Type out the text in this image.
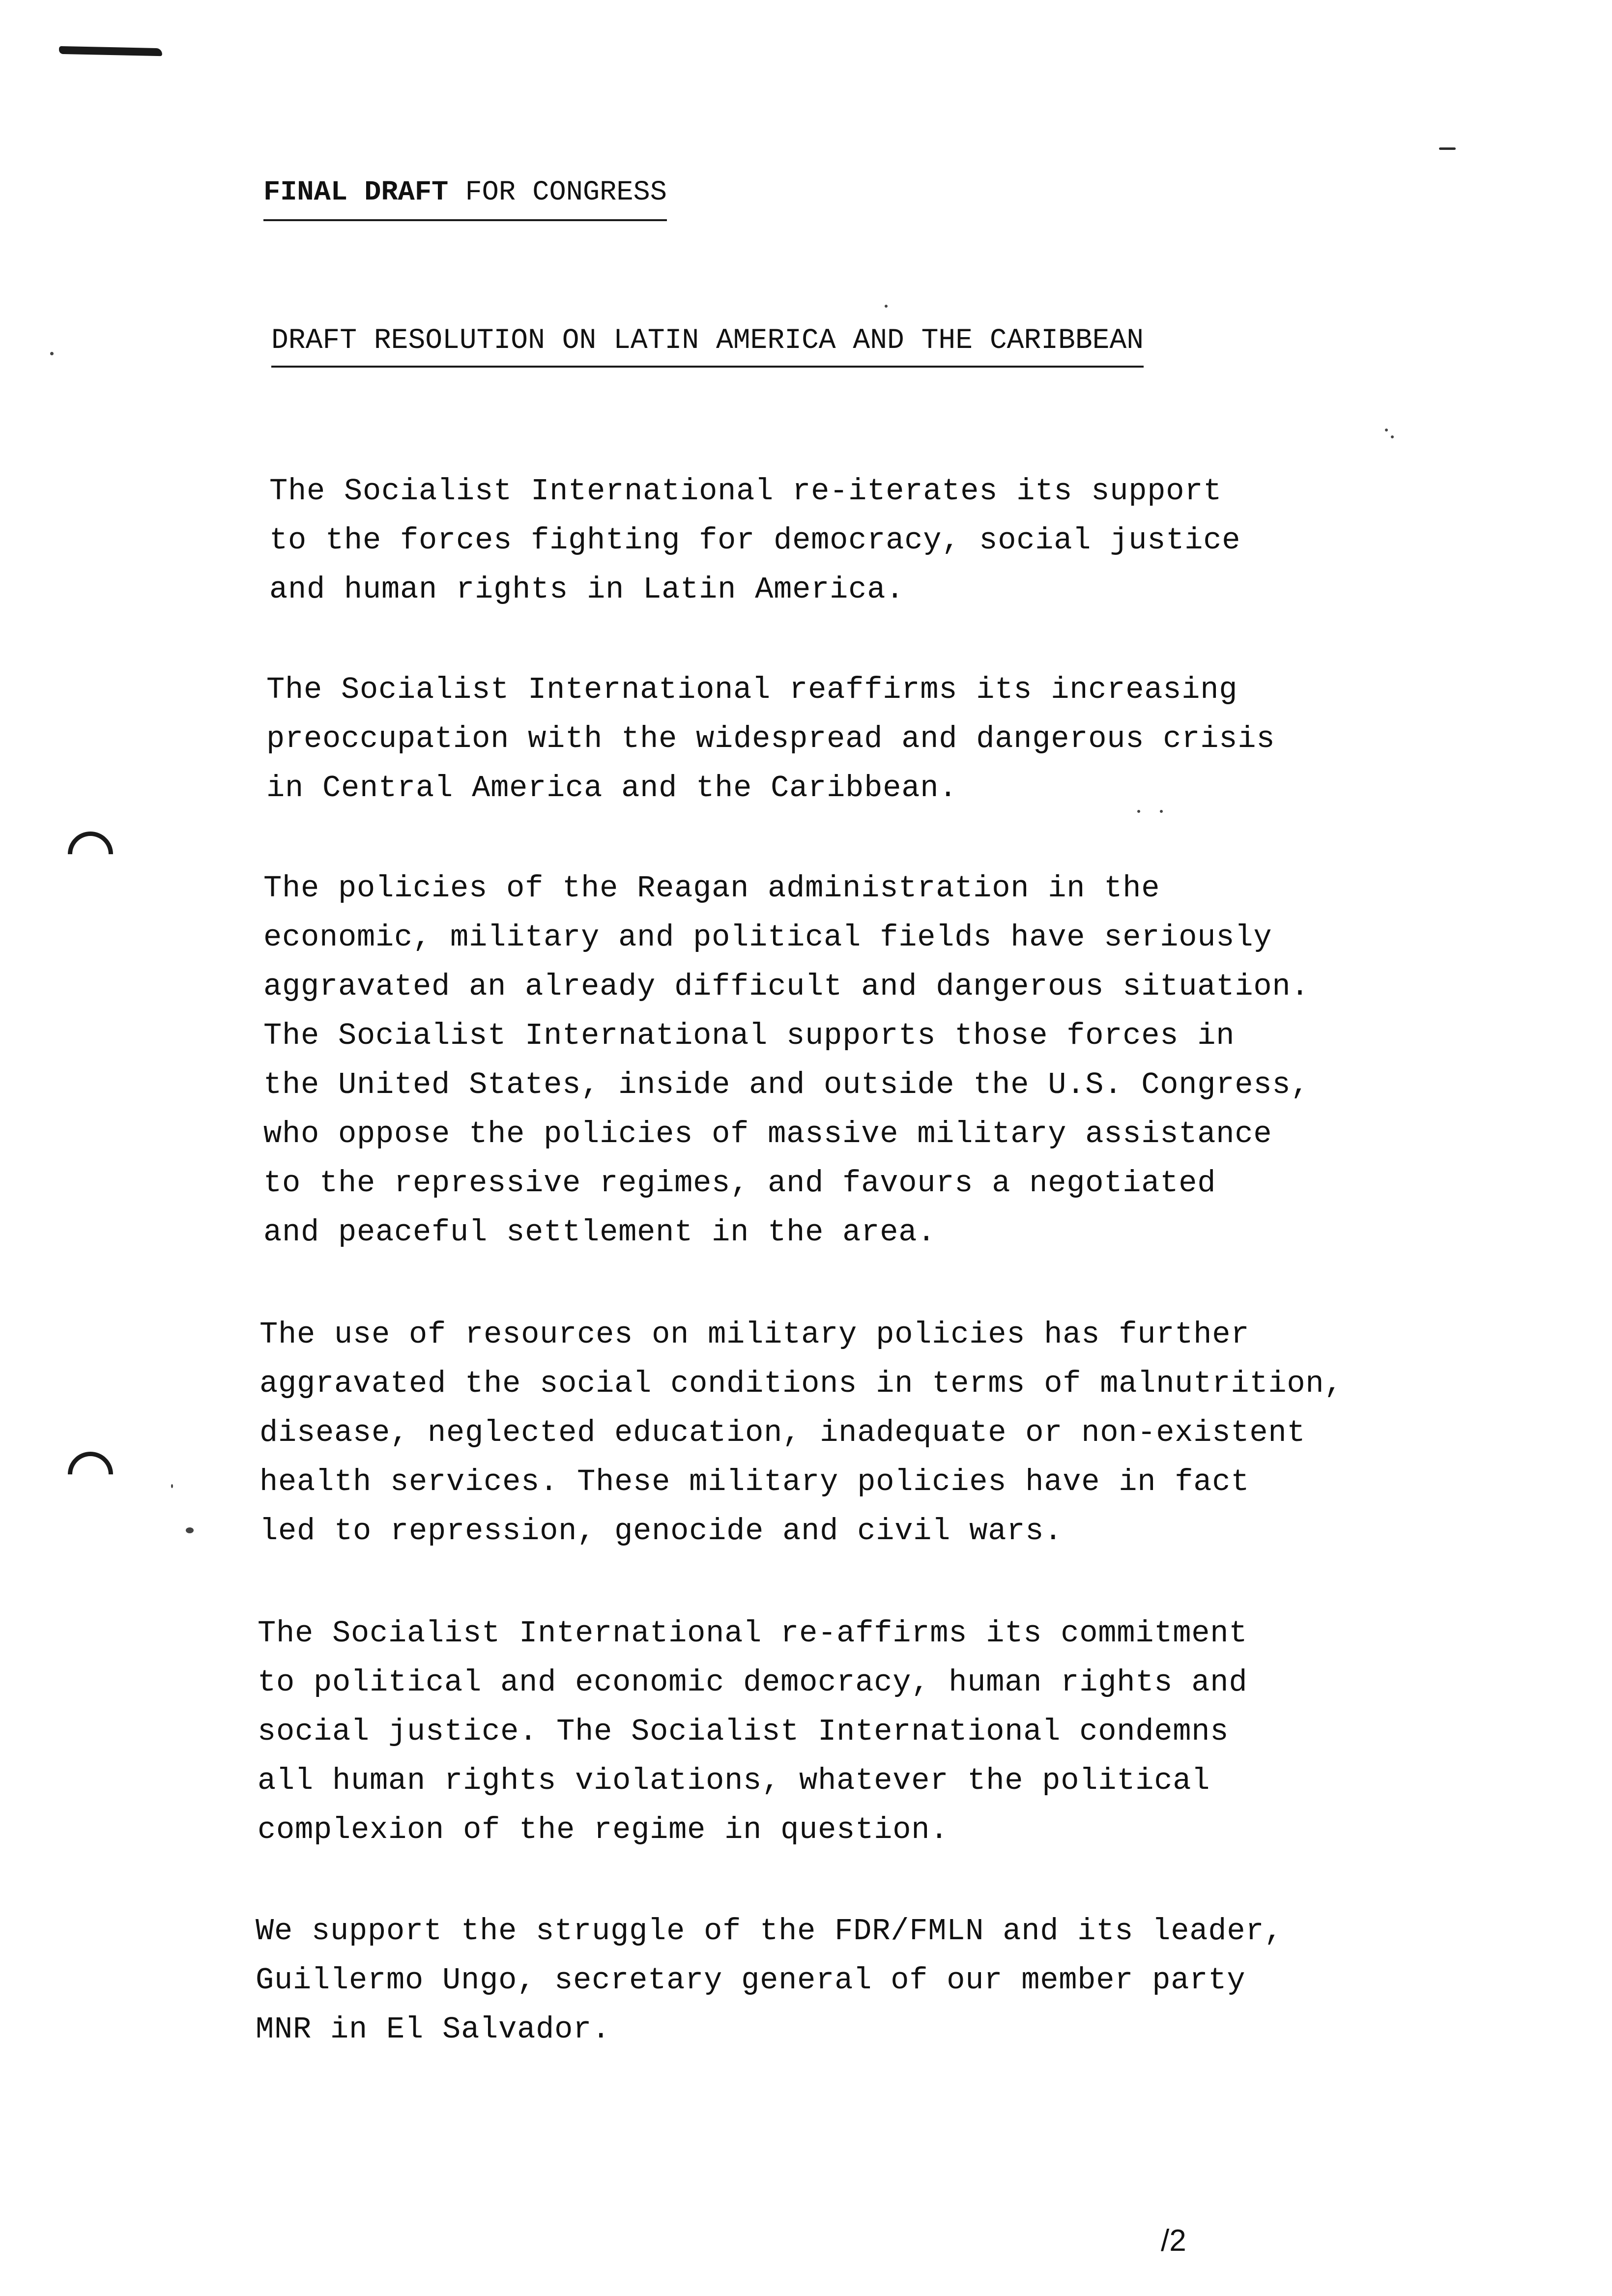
FINAL DRAFT FOR CONGRESS
DRAFT RESOLUTION ON LATIN AMERICA AND THE CARIBBEAN
The Socialist International re-iterates its support
to the forces fighting for democracy, social justice
and human rights in Latin America.
The Socialist International reaffirms its increasing
preoccupation with the widespread and dangerous crisis
in Central America and the Caribbean.
The policies of the Reagan administration in the
economic, military and political fields have seriously
aggravated an already difficult and dangerous situation.
The Socialist International supports those forces in
the United States, inside and outside the U.S. Congress,
who oppose the policies of massive military assistance
to the repressive regimes, and favours a negotiated
and peaceful settlement in the area.
The use of resources on military policies has further
aggravated the social conditions in terms of malnutrition,
disease, neglected education, inadequate or non-existent
health services. These military policies have in fact
led to repression, genocide and civil wars.
The Socialist International re-affirms its commitment
to political and economic democracy, human rights and
social justice. The Socialist International condemns
all human rights violations, whatever the political
complexion of the regime in question.
We support the struggle of the FDR/FMLN and its leader,
Guillermo Ungo, secretary general of our member party
MNR in El Salvador.
/2
